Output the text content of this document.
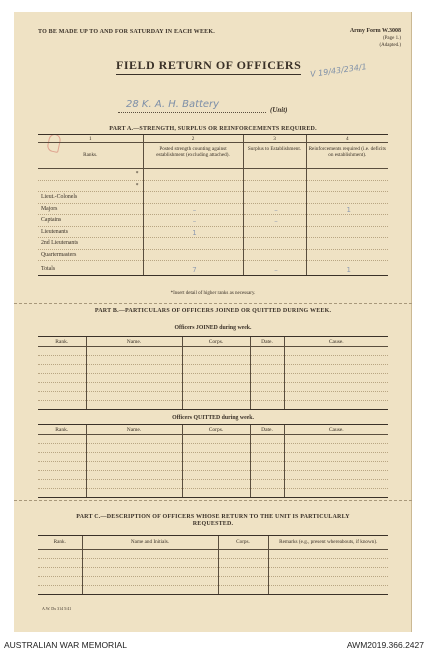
TO BE MADE UP TO AND FOR SATURDAY IN EACH WEEK.	Army Form W.3008
(Page 1.)
(Adapted.)
FIELD RETURN OF OFFICERS V 19/43/234/1
28 K. A. H. Battery	(Unit)
PART A.—STRENGTH, SURPLUS OR REINFORCEMENTS REQUIRED.
1	2	3	4
Ranks.	Posted strength counting against establishment (excluding attached).	Surplus to Establishment.	Reinforcements required (i.e. deficits on establishment).
*			
*			
Lieut.-Colonels			
Majors	–	–	1
Captains	–	–	
Lieutenants	1		
2nd Lieutenants			
Quartermasters			
Totals	7	–	1
*Insert detail of higher ranks as necessary.
PART B.—PARTICULARS OF OFFICERS JOINED OR QUITTED DURING WEEK.
Officers JOINED during week.
Rank.	Name.	Corps.	Date.	Cause.

Officers QUITTED during week.
Rank.	Name.	Corps.	Date.	Cause.

PART C.—DESCRIPTION OF OFFICERS WHOSE RETURN TO THE UNIT IS PARTICULARLY
REQUESTED.
Rank.	Name and Initials.	Corps.	Remarks (e.g., present whereabouts, if known).

A.W. Dx 314 5/41
AUSTRALIAN WAR MEMORIAL	AWM2019.366.2427
